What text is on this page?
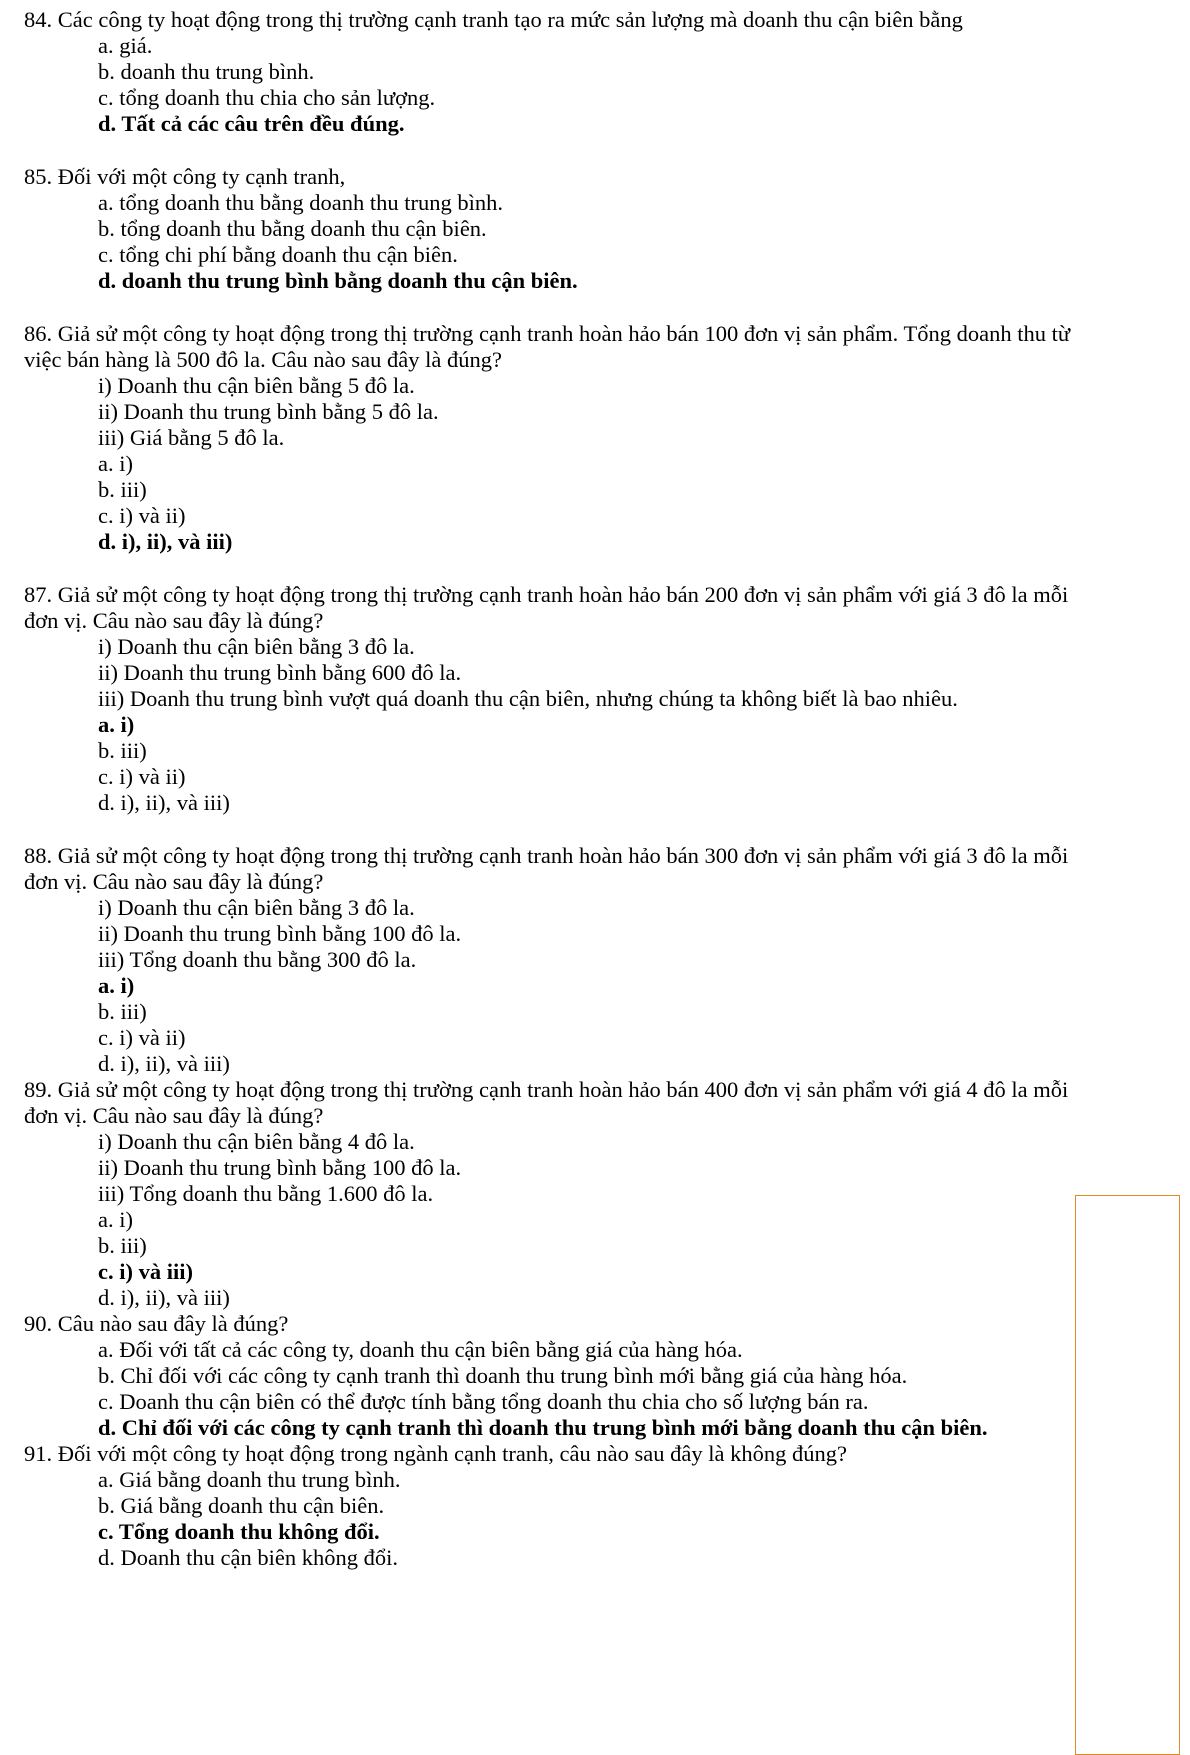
84. Các công ty hoạt động trong thị trường cạnh tranh tạo ra mức sản lượng mà doanh thu cận biên bằng
a. giá.
b. doanh thu trung bình.
c. tổng doanh thu chia cho sản lượng.
d. Tất cả các câu trên đều đúng.
85. Đối với một công ty cạnh tranh,
a. tổng doanh thu bằng doanh thu trung bình.
b. tổng doanh thu bằng doanh thu cận biên.
c. tổng chi phí bằng doanh thu cận biên.
d. doanh thu trung bình bằng doanh thu cận biên.
86. Giả sử một công ty hoạt động trong thị trường cạnh tranh hoàn hảo bán 100 đơn vị sản phẩm. Tổng doanh thu từ
việc bán hàng là 500 đô la. Câu nào sau đây là đúng?
i) Doanh thu cận biên bằng 5 đô la.
ii) Doanh thu trung bình bằng 5 đô la.
iii) Giá bằng 5 đô la.
a. i)
b. iii)
c. i) và ii)
d. i), ii), và iii)
87. Giả sử một công ty hoạt động trong thị trường cạnh tranh hoàn hảo bán 200 đơn vị sản phẩm với giá 3 đô la mỗi
đơn vị. Câu nào sau đây là đúng?
i) Doanh thu cận biên bằng 3 đô la.
ii) Doanh thu trung bình bằng 600 đô la.
iii) Doanh thu trung bình vượt quá doanh thu cận biên, nhưng chúng ta không biết là bao nhiêu.
a. i)
b. iii)
c. i) và ii)
d. i), ii), và iii)
88. Giả sử một công ty hoạt động trong thị trường cạnh tranh hoàn hảo bán 300 đơn vị sản phẩm với giá 3 đô la mỗi
đơn vị. Câu nào sau đây là đúng?
i) Doanh thu cận biên bằng 3 đô la.
ii) Doanh thu trung bình bằng 100 đô la.
iii) Tổng doanh thu bằng 300 đô la.
a. i)
b. iii)
c. i) và ii)
d. i), ii), và iii)
89. Giả sử một công ty hoạt động trong thị trường cạnh tranh hoàn hảo bán 400 đơn vị sản phẩm với giá 4 đô la mỗi
đơn vị. Câu nào sau đây là đúng?
i) Doanh thu cận biên bằng 4 đô la.
ii) Doanh thu trung bình bằng 100 đô la.
iii) Tổng doanh thu bằng 1.600 đô la.
a. i)
b. iii)
c. i) và iii)
d. i), ii), và iii)
90. Câu nào sau đây là đúng?
a. Đối với tất cả các công ty, doanh thu cận biên bằng giá của hàng hóa.
b. Chỉ đối với các công ty cạnh tranh thì doanh thu trung bình mới bằng giá của hàng hóa.
c. Doanh thu cận biên có thể được tính bằng tổng doanh thu chia cho số lượng bán ra.
d. Chỉ đối với các công ty cạnh tranh thì doanh thu trung bình mới bằng doanh thu cận biên.
91. Đối với một công ty hoạt động trong ngành cạnh tranh, câu nào sau đây là không đúng?
a. Giá bằng doanh thu trung bình.
b. Giá bằng doanh thu cận biên.
c. Tổng doanh thu không đổi.
d. Doanh thu cận biên không đổi.
